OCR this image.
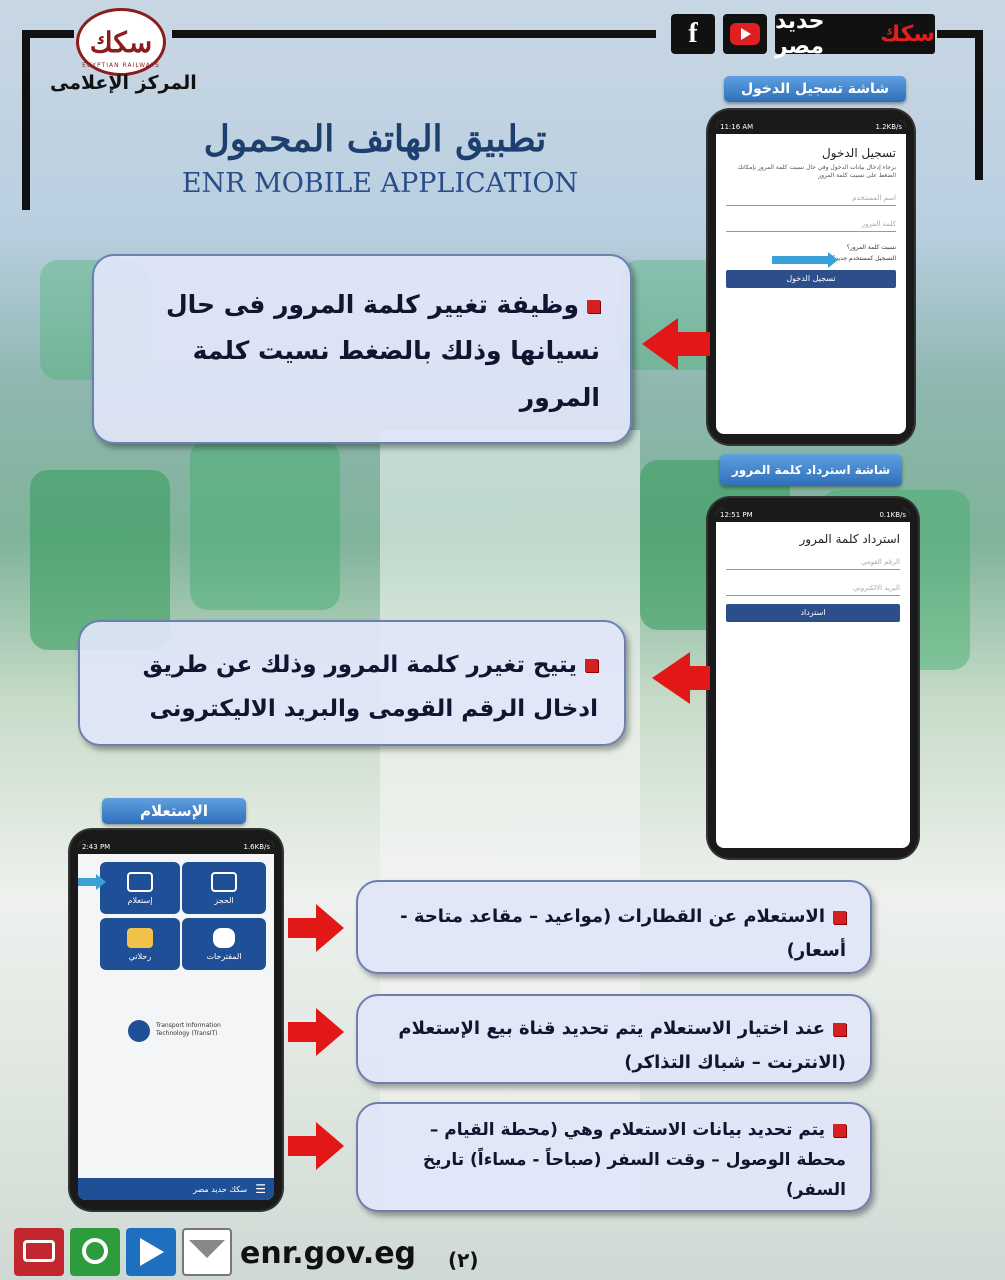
سكك
EGYPTIAN RAILWAYS
المركز الإعلامى
f	حديد مصر
	سكك
تطبيق الهاتف المحمول
ENR MOBILE APPLICATION
شاشة تسجيل الدخول
11:16 AM	1.2KB/s
تسجيل الدخول
برجاء إدخال بيانات الدخول وفي حال نسيت كلمة المرور بإمكانك الضغط على نسيت كلمة المرور
اسم المستخدم
كلمة المرور
نسيت كلمة المرور؟
التسجيل كمستخدم جديد؟
تسجيل الدخول
وظيفة تغيير كلمة المرور فى حال نسيانها وذلك بالضغط نسيت كلمة المرور
شاشة استرداد كلمة المرور
12:51 PM	0.1KB/s
استرداد كلمة المرور
الرقم القومي
البريد الالكتروني
استرداد
يتيح تغيرر كلمة المرور وذلك عن طريق ادخال الرقم القومى والبريد الاليكترونى
الإستعلام
2:43 PM	1.6KB/s
الحجز
إستعلام
المقترحات
رحلاتي
Transport Information
Technology (TransIT)
سكك حديد مصر ☰
الاستعلام عن القطارات (مواعيد – مقاعد متاحة - أسعار)
عند اختيار الاستعلام يتم تحديد قناة بيع الإستعلام (الانترنت – شباك التذاكر)
يتم تحديد بيانات الاستعلام وهي (محطة القيام – محطة الوصول – وقت السفر (صباحاً - مساءاً) تاريخ السفر)
enr.gov.eg (٢)
